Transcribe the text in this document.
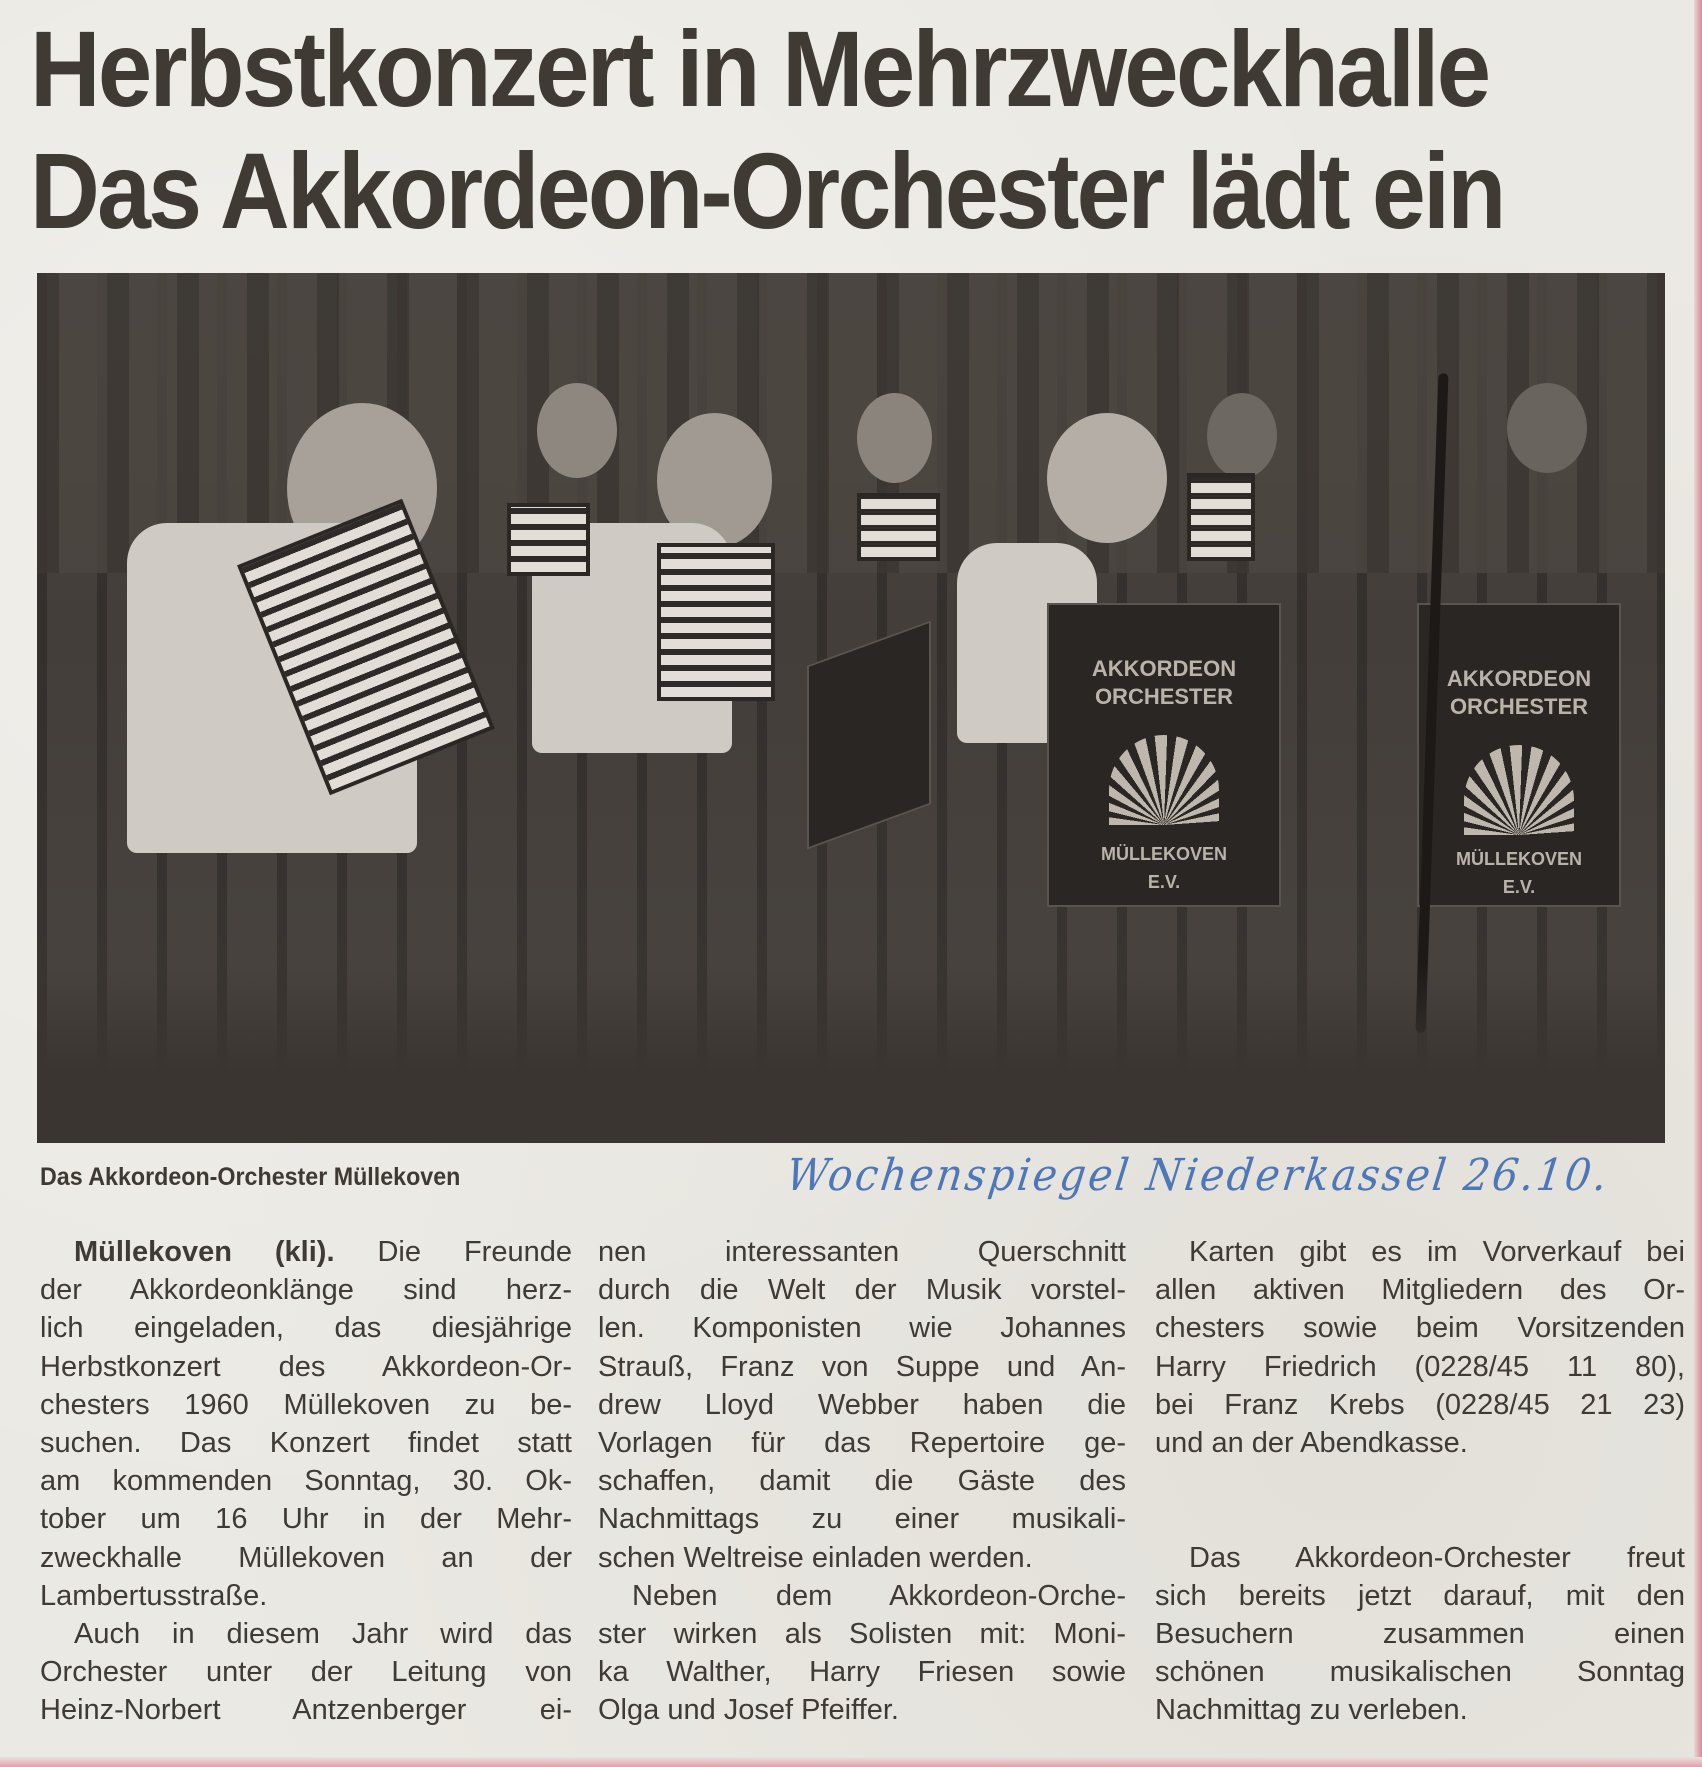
Herbstkonzert in Mehrzweckhalle
Das Akkordeon-Orchester lädt ein
AKKORDEON
ORCHESTER
MÜLLEKOVEN
E.V.
AKKORDEON
ORCHESTER
MÜLLEKOVEN
E.V.
Das Akkordeon-Orchester Müllekoven	Wochenspiegel Niederkassel 26.10.
Müllekoven (kli). Die Freunde
der Akkordeonklänge sind herz-
lich eingeladen, das diesjährige
Herbstkonzert des Akkordeon-Or-
chesters 1960 Müllekoven zu be-
suchen. Das Konzert findet statt
am kommenden Sonntag, 30. Ok-
tober um 16 Uhr in der Mehr-
zweckhalle Müllekoven an der
Lambertusstraße.
Auch in diesem Jahr wird das
Orchester unter der Leitung von
Heinz-Norbert Antzenberger ei-
nen interessanten Querschnitt
durch die Welt der Musik vorstel-
len. Komponisten wie Johannes
Strauß, Franz von Suppe und An-
drew Lloyd Webber haben die
Vorlagen für das Repertoire ge-
schaffen, damit die Gäste des
Nachmittags zu einer musikali-
schen Weltreise einladen werden.
Neben dem Akkordeon-Orche-
ster wirken als Solisten mit: Moni-
ka Walther, Harry Friesen sowie
Olga und Josef Pfeiffer.
Karten gibt es im Vorverkauf bei
allen aktiven Mitgliedern des Or-
chesters sowie beim Vorsitzenden
Harry Friedrich (0228/45 11 80),
bei Franz Krebs (0228/45 21 23)
und an der Abendkasse.
Das Akkordeon-Orchester freut
sich bereits jetzt darauf, mit den
Besuchern zusammen einen
schönen musikalischen Sonntag
Nachmittag zu verleben.
